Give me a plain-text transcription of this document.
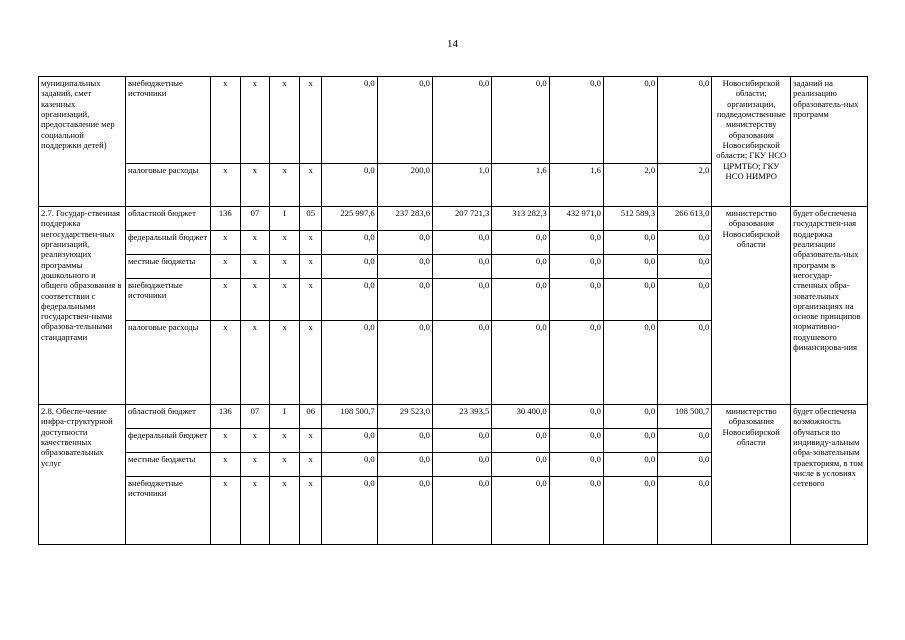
14
муниципальных заданий, смет казенных организаций, предоставление мер социальной поддержки детей)	внебюджетные источники	х	х	х	х	0,0	0,0	0,0	0,0	0,0	0,0	0,0	Новосибирской области; организации, подведомственные министерству образования Новосибирской области; ГКУ НСО ЦРМТБО; ГКУ НСО НИМРО	заданий на реализацию образователь-ных программ
	налоговые расходы	х	х	х	х	0,0	200,0	1,0	1,6	1,6	2,0	2,0		
2.7. Государ-ственная поддержка негосударствен-ных организаций, реализующих программы дошкольного и общего образования в соответствии с федеральными государствен-ными образова-тельными стандартами	областной бюджет	136	07	I	05	225 997,6	237 283,6	207 721,3	313 282,3	432 971,0	512 589,3	266 613,0	министерство образования Новосибирской области	будет обеспечена государствен-ная поддержка реализации образователь-ных программ в негосудар-ственных обра-зовательных организациях на основе принципов нормативно-подушевого финансирова-ния
	федеральный бюджет	х	х	х	х	0,0	0,0	0,0	0,0	0,0	0,0	0,0		
	местные бюджеты	х	х	х	х	0,0	0,0	0,0	0,0	0,0	0,0	0,0		
	внебюджетные источники	х	х	х	х	0,0	0,0	0,0	0,0	0,0	0,0	0,0		
	налоговые расходы	х	х	х	х	0,0	0,0	0,0	0,0	0,0	0,0	0,0		
2.8. Обеспе-чение инфра-структурной доступности качественных образовательных услуг	областной бюджет	136	07	I	06	108 500,7	29 523,0	23 393,5	30 400,0	0,0	0,0	108 500,7	министерство образования Новосибирской области	будет обеспечена возможность обучаться по индивиду-альным обра-зовательным траекториям, в том числе в условиях сетевого
	федеральный бюджет	х	х	х	х	0,0	0,0	0,0	0,0	0,0	0,0	0,0		
	местные бюджеты	х	х	х	х	0,0	0,0	0,0	0,0	0,0	0,0	0,0		
	внебюджетные источники	х	х	х	х	0,0	0,0	0,0	0,0	0,0	0,0	0,0		
